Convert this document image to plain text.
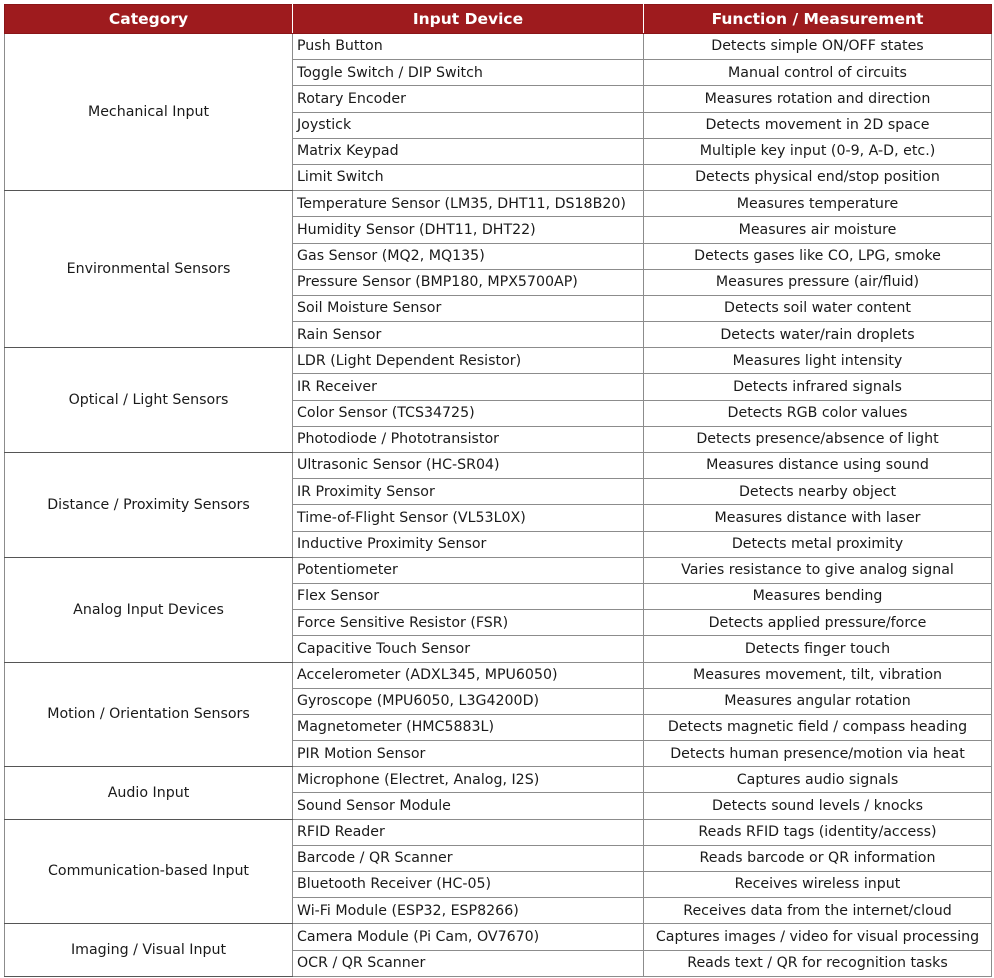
Category	Input Device	Function / Measurement
Mechanical Input	Push Button	Detects simple ON/OFF states
	Toggle Switch / DIP Switch	Manual control of circuits
	Rotary Encoder	Measures rotation and direction
	Joystick	Detects movement in 2D space
	Matrix Keypad	Multiple key input (0-9, A-D, etc.)
	Limit Switch	Detects physical end/stop position
Environmental Sensors	Temperature Sensor (LM35, DHT11, DS18B20)	Measures temperature
	Humidity Sensor (DHT11, DHT22)	Measures air moisture
	Gas Sensor (MQ2, MQ135)	Detects gases like CO, LPG, smoke
	Pressure Sensor (BMP180, MPX5700AP)	Measures pressure (air/fluid)
	Soil Moisture Sensor	Detects soil water content
	Rain Sensor	Detects water/rain droplets
Optical / Light Sensors	LDR (Light Dependent Resistor)	Measures light intensity
	IR Receiver	Detects infrared signals
	Color Sensor (TCS34725)	Detects RGB color values
	Photodiode / Phototransistor	Detects presence/absence of light
Distance / Proximity Sensors	Ultrasonic Sensor (HC-SR04)	Measures distance using sound
	IR Proximity Sensor	Detects nearby object
	Time-of-Flight Sensor (VL53L0X)	Measures distance with laser
	Inductive Proximity Sensor	Detects metal proximity
Analog Input Devices	Potentiometer	Varies resistance to give analog signal
	Flex Sensor	Measures bending
	Force Sensitive Resistor (FSR)	Detects applied pressure/force
	Capacitive Touch Sensor	Detects finger touch
Motion / Orientation Sensors	Accelerometer (ADXL345, MPU6050)	Measures movement, tilt, vibration
	Gyroscope (MPU6050, L3G4200D)	Measures angular rotation
	Magnetometer (HMC5883L)	Detects magnetic field / compass heading
	PIR Motion Sensor	Detects human presence/motion via heat
Audio Input	Microphone (Electret, Analog, I2S)	Captures audio signals
	Sound Sensor Module	Detects sound levels / knocks
Communication-based Input	RFID Reader	Reads RFID tags (identity/access)
	Barcode / QR Scanner	Reads barcode or QR information
	Bluetooth Receiver (HC-05)	Receives wireless input
	Wi-Fi Module (ESP32, ESP8266)	Receives data from the internet/cloud
Imaging / Visual Input	Camera Module (Pi Cam, OV7670)	Captures images / video for visual processing
	OCR / QR Scanner	Reads text / QR for recognition tasks
